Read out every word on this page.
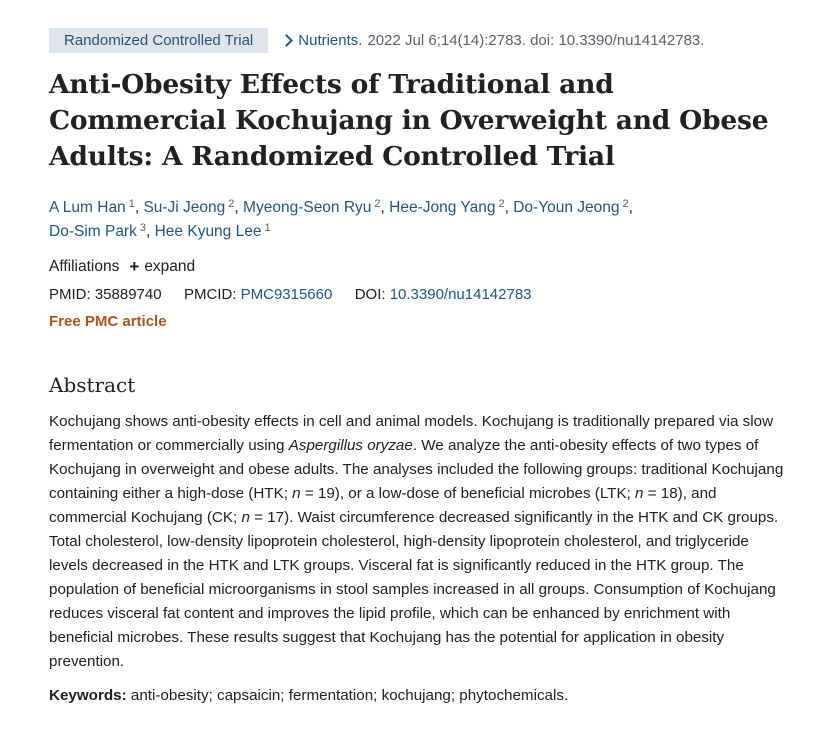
Randomized Controlled Trial	Nutrients. 2022 Jul 6;14(14):2783. doi: 10.3390/nu14142783.
Anti-Obesity Effects of Traditional and Commercial Kochujang in Overweight and Obese Adults: A Randomized Controlled Trial
A Lum Han $^1$, Su-Ji Jeong $^2$, Myeong-Seon Ryu $^2$, Hee-Jong Yang $^2$, Do-Youn Jeong $^2$,
Do-Sim Park $^3$, Hee Kyung Lee $^1$
Affiliations + expand
PMID: 35889740 PMCID: PMC9315660 DOI: 10.3390/nu14142783
Free PMC article
Abstract
Kochujang shows anti-obesity effects in cell and animal models. Kochujang is traditionally prepared via slow fermentation or commercially using Aspergillus oryzae. We analyze the anti-obesity effects of two types of Kochujang in overweight and obese adults. The analyses included the following groups: traditional Kochujang containing either a high-dose (HTK; n = 19), or a low-dose of beneficial microbes (LTK; n = 18), and commercial Kochujang (CK; n = 17). Waist circumference decreased significantly in the HTK and CK groups. Total cholesterol, low-density lipoprotein cholesterol, high-density lipoprotein cholesterol, and triglyceride levels decreased in the HTK and LTK groups. Visceral fat is significantly reduced in the HTK group. The population of beneficial microorganisms in stool samples increased in all groups. Consumption of Kochujang reduces visceral fat content and improves the lipid profile, which can be enhanced by enrichment with beneficial microbes. These results suggest that Kochujang has the potential for application in obesity prevention.
Keywords: anti-obesity; capsaicin; fermentation; kochujang; phytochemicals.
